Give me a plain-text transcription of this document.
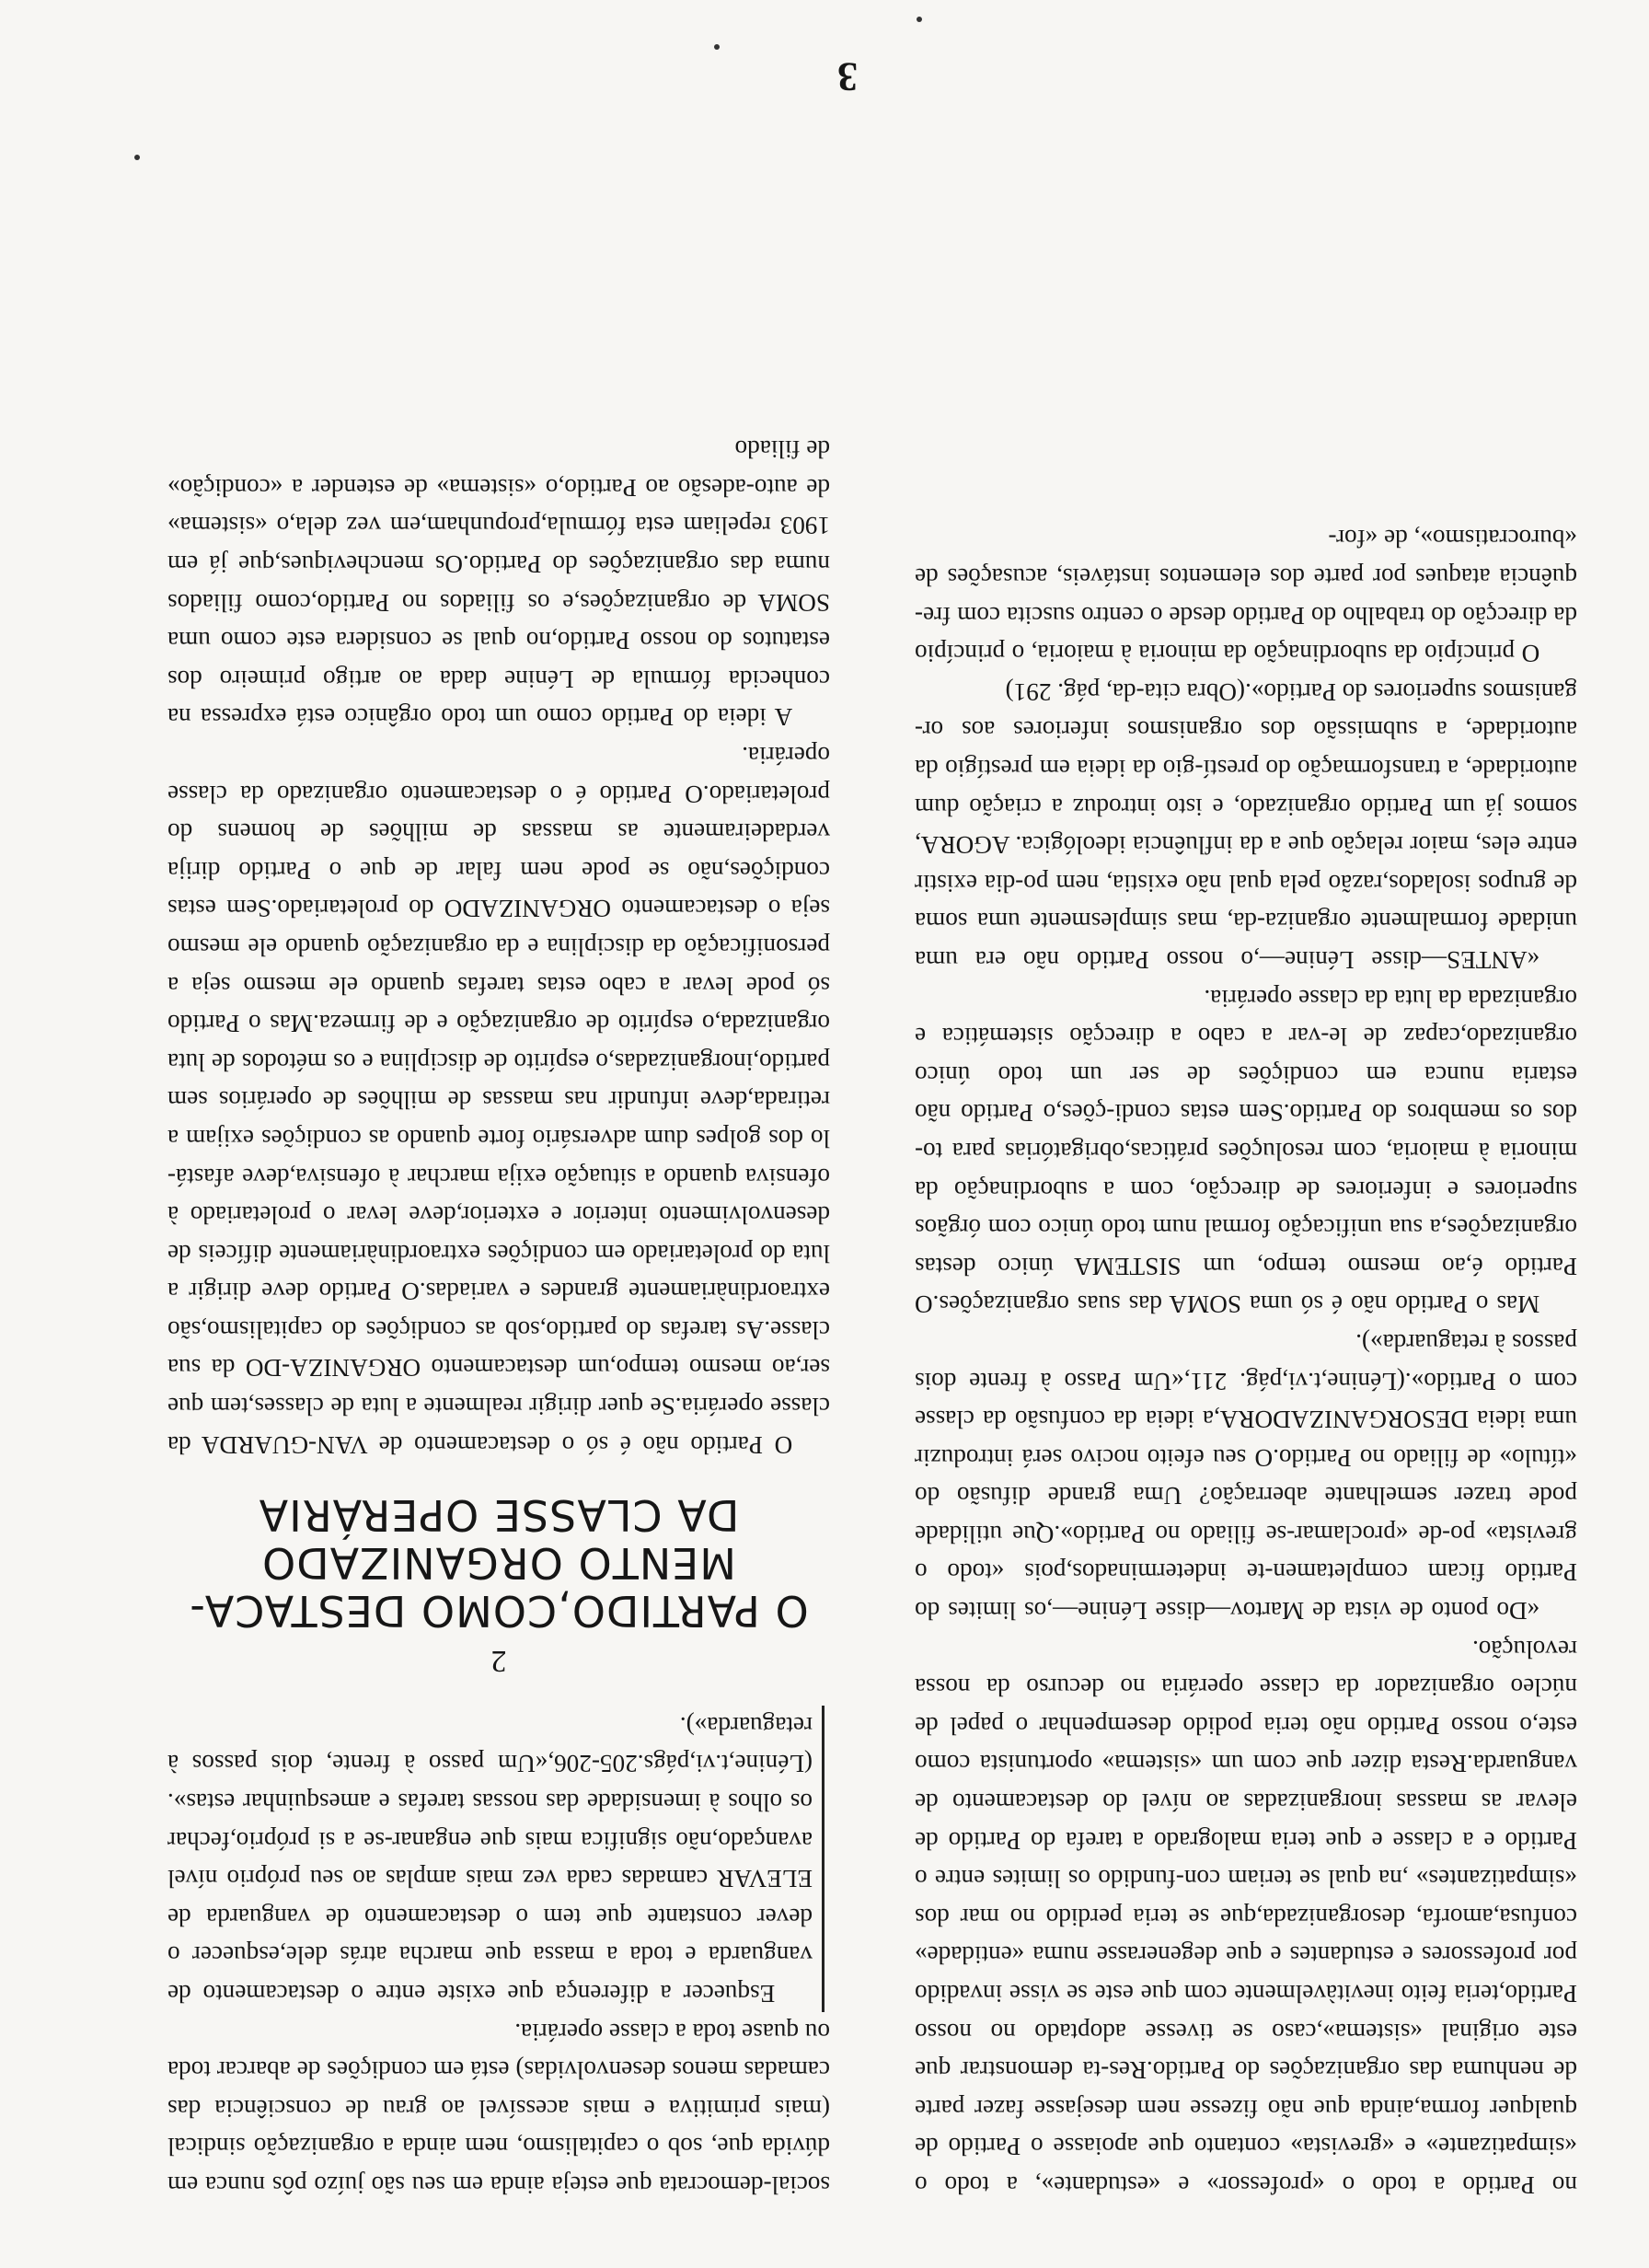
no Partido a todo o «professor» e «estudante», a todo o «simpatizante» e «grevista» contanto que apoiasse o Partido de qualquer forma,ainda que não fizesse nem desejasse fazer parte de nenhuma das organizações do Partido.Res-ta demonstrar que este original «sistema»,caso se tivesse adoptado no nosso Partido,teria feito inevitàvelmente com que este se visse invadido por professores e estudantes e que degenerasse numa «entidade» confusa,amorfa, desorganizada,que se teria perdido no mar dos «simpatizantes» ,na qual se teriam con-fundido os limites entre o Partido e a classe e que teria malogrado a tarefa do Partido de elevar as massas inorganizadas ao nível do destacamento de vanguarda.Resta dizer que com um «sistema» oportunista como este,o nosso Partido não teria podido desempenhar o papel de núcleo organizador da classe operária no decurso da nossa revolução.

«Do ponto de vista de Martov—disse Lénine—,os limites do Partido ficam completamen-te indeterminados,pois «todo o grevista» po-de «proclamar-se filiado no Partido».Que utilidade pode trazer semelhante aberração? Uma grande difusão do «título» de filiado no Partido.O seu efeito nocivo será introduzir uma ideia DESORGANIZADORA,a ideia da confusão da classe com o Partido».(Lénine,t.vi,pág. 211,«Um Passo à frente dois passos à retaguarda»).

Mas o Partido não é só uma SOMA das suas organizações.O Partido é,ao mesmo tempo, um SISTEMA único destas organizações,a sua unificação formal num todo único com órgãos superiores e inferiores de direcção, com a subordinação da minoria à maioria, com resoluções práticas,obrigatórias para to-dos os membros do Partido.Sem estas condi-ções,o Partido não estaria nunca em condições de ser um todo único organizado,capaz de le-var a cabo a direcção sistemática e organizada da luta da classe operária.

«ANTES—disse Lénine—,o nosso Partido não era uma unidade formalmente organiza-da, mas simplesmente uma soma de grupos isolados,razão pela qual não existia, nem po-dia existir entre eles, maior relação que a da influência ideológica. AGORA, somos já um Partido organizado, e isto introduz a criação dum autoridade, a transformação do prestí-gio da ideia em prestígio da autoridade, a submissão dos organismos inferiores aos or-ganismos superiores do Partido».(Obra cita-da, pág. 291)

O princípio da subordinação da minoria à maioria, o princípio da direcção do trabalho do Partido desde o centro suscita com fre-quência ataques por parte dos elementos instáveis, acusações de «burocratismo», de «for-

social-democrata que esteja ainda em seu são juízo pôs nunca em dúvida que, sob o capitalismo, nem ainda a organização sindical (mais primitiva e mais acessível ao grau de consciência das camadas menos desenvolvidas) está em condições de abarcar toda ou quase toda a classe operária.

Esquecer a diferença que existe entre o destacamento de vanguarda e toda a massa que marcha atrás dele,esquecer o dever constante que tem o destacamento de vanguarda de ELEVAR camadas cada vez mais amplas ao seu próprio nível avançado,não significa mais que enganar-se a si próprio,fechar os olhos à imensidade das nossas tarefas e amesquinhar estas». (Lénine,t.vi,págs.205-206,«Um passo à frente, dois passos à retaguarda»).

2
O PARTIDO,COMO DESTACA-
MENTO ORGANIZADO
DA CLASSE OPERÁRIA

O Partido não é só o destacamento de VAN-GUARDA da classe operária.Se quer dirigir realmente a luta de classes,tem que ser,ao mesmo tempo,um destacamento ORGANIZA-DO da sua classe.As tarefas do partido,sob as condições do capitalismo,são extraordinàriamente grandes e variadas.O Partido deve dirigir a luta do proletariado em condições extraordinàriamente difíceis de desenvolvimento interior e exterior,deve levar o proletariado à ofensiva quando a situação exija marchar à ofensiva,deve afastá-lo dos golpes dum adversário forte quando as condições exijam a retirada,deve infundir nas massas de milhões de operários sem partido,inorganizadas,o espírito de disciplina e os métodos de luta organizada,o espírito de organização e de firmeza.Mas o Partido só pode levar a cabo estas tarefas quando ele mesmo seja a personificação da disciplina e da organização quando ele mesmo seja o destacamento ORGANIZADO do proletariado.Sem estas condições,não se pode nem falar de que o Partido dirija verdadeiramente as massas de milhões de homens do proletariado.O Partido é o destacamento organizado da classe operária.

A ideia do Partido como um todo orgânico está expressa na conhecida fórmula de Lénine dada ao artigo primeiro dos estatutos do nosso Partido,no qual se considera este como uma SOMA de organizações,e os filiados no Partido,como filiados numa das organizações do Partido.Os mencheviques,que já em 1903 repeliam esta fórmula,propunham,em vez dela,o «sistema» de auto-adesão ao Partido,o «sistema» de estender a «condição» de filiado

3
